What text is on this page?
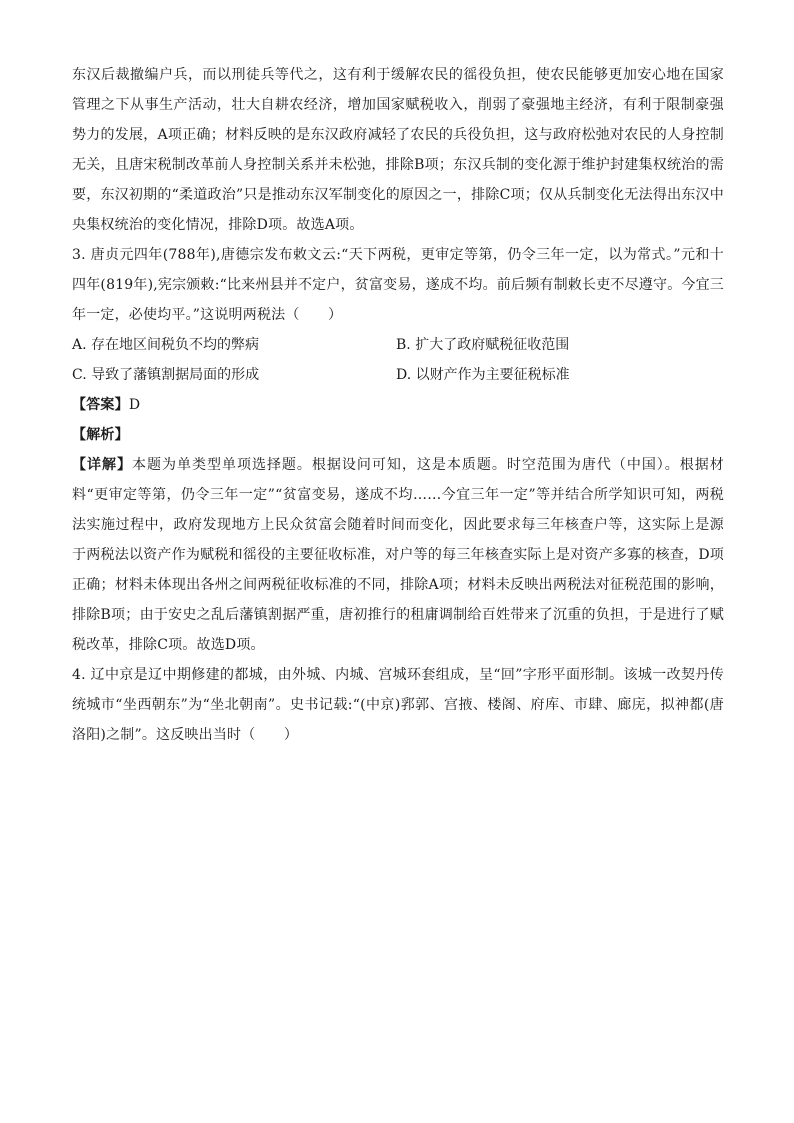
东汉后裁撤编户兵，而以刑徒兵等代之，这有利于缓解农民的徭役负担，使农民能够更加安心地在国家管理之下从事生产活动，壮大自耕农经济，增加国家赋税收入，削弱了豪强地主经济，有利于限制豪强势力的发展，A项正确；材料反映的是东汉政府减轻了农民的兵役负担，这与政府松弛对农民的人身控制无关，且唐宋税制改革前人身控制关系并未松弛，排除B项；东汉兵制的变化源于维护封建集权统治的需要，东汉初期的“柔道政治”只是推动东汉军制变化的原因之一，排除C项；仅从兵制变化无法得出东汉中央集权统治的变化情况，排除D项。故选A项。

3. 唐贞元四年(788年),唐德宗发布敕文云:“天下两税，更审定等第，仍令三年一定，以为常式。”元和十四年(819年),宪宗颁敕:“比来州县并不定户，贫富变易，遂成不均。前后频有制敕长吏不尽遵守。今宜三年一定，必使均平。”这说明两税法（　　）

A. 存在地区间税负不均的弊病	B. 扩大了政府赋税征收范围
C. 导致了藩镇割据局面的形成	D. 以财产作为主要征税标准

【答案】D

【解析】

【详解】本题为单类型单项选择题。根据设问可知，这是本质题。时空范围为唐代（中国）。根据材料“更审定等第，仍令三年一定”“贫富变易，遂成不均……今宜三年一定”等并结合所学知识可知，两税法实施过程中，政府发现地方上民众贫富会随着时间而变化，因此要求每三年核查户等，这实际上是源于两税法以资产作为赋税和徭役的主要征收标准，对户等的每三年核查实际上是对资产多寡的核查，D项正确；材料未体现出各州之间两税征收标准的不同，排除A项；材料未反映出两税法对征税范围的影响，排除B项；由于安史之乱后藩镇割据严重，唐初推行的租庸调制给百姓带来了沉重的负担，于是进行了赋税改革，排除C项。故选D项。

4. 辽中京是辽中期修建的都城，由外城、内城、宫城环套组成，呈“回”字形平面形制。该城一改契丹传统城市“坐西朝东”为“坐北朝南”。史书记载:“(中京)郛郭、宫掖、楼阁、府库、市肆、廊庑，拟神都(唐洛阳)之制”。这反映出当时（　　）
